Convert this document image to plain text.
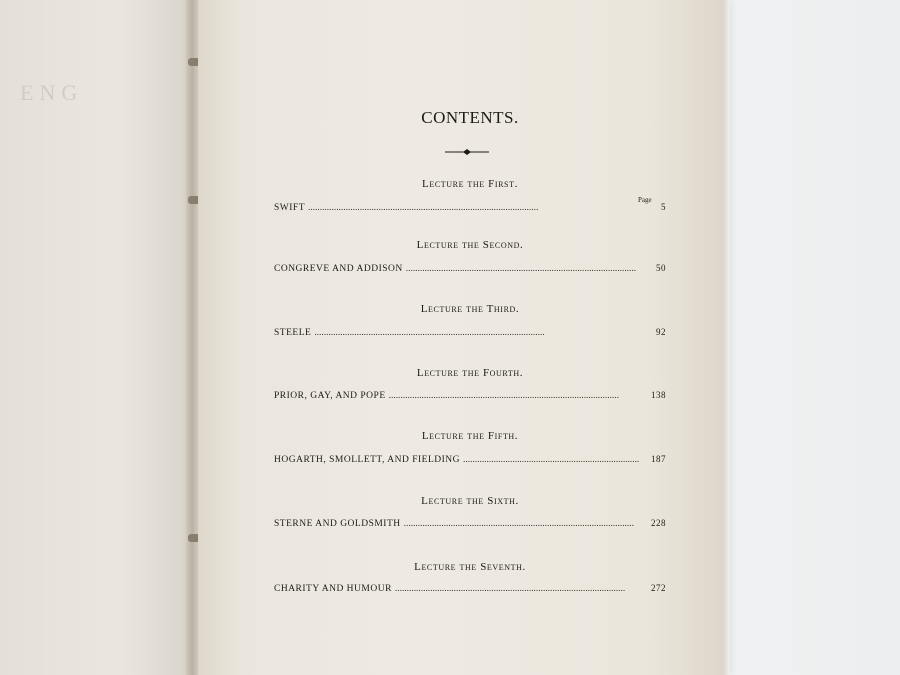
ENG
CONTENTS.
Page
Lecture the First.
SWIFT . . .	5
Lecture the Second.
CONGREVE AND ADDISON . . .	50
Lecture the Third.
STEELE . . .	92
Lecture the Fourth.
PRIOR, GAY, AND POPE . . .	138
Lecture the Fifth.
HOGARTH, SMOLLETT, AND FIELDING . . .	187
Lecture the Sixth.
STERNE AND GOLDSMITH . . .	228
Lecture the Seventh.
CHARITY AND HUMOUR . . .	272
